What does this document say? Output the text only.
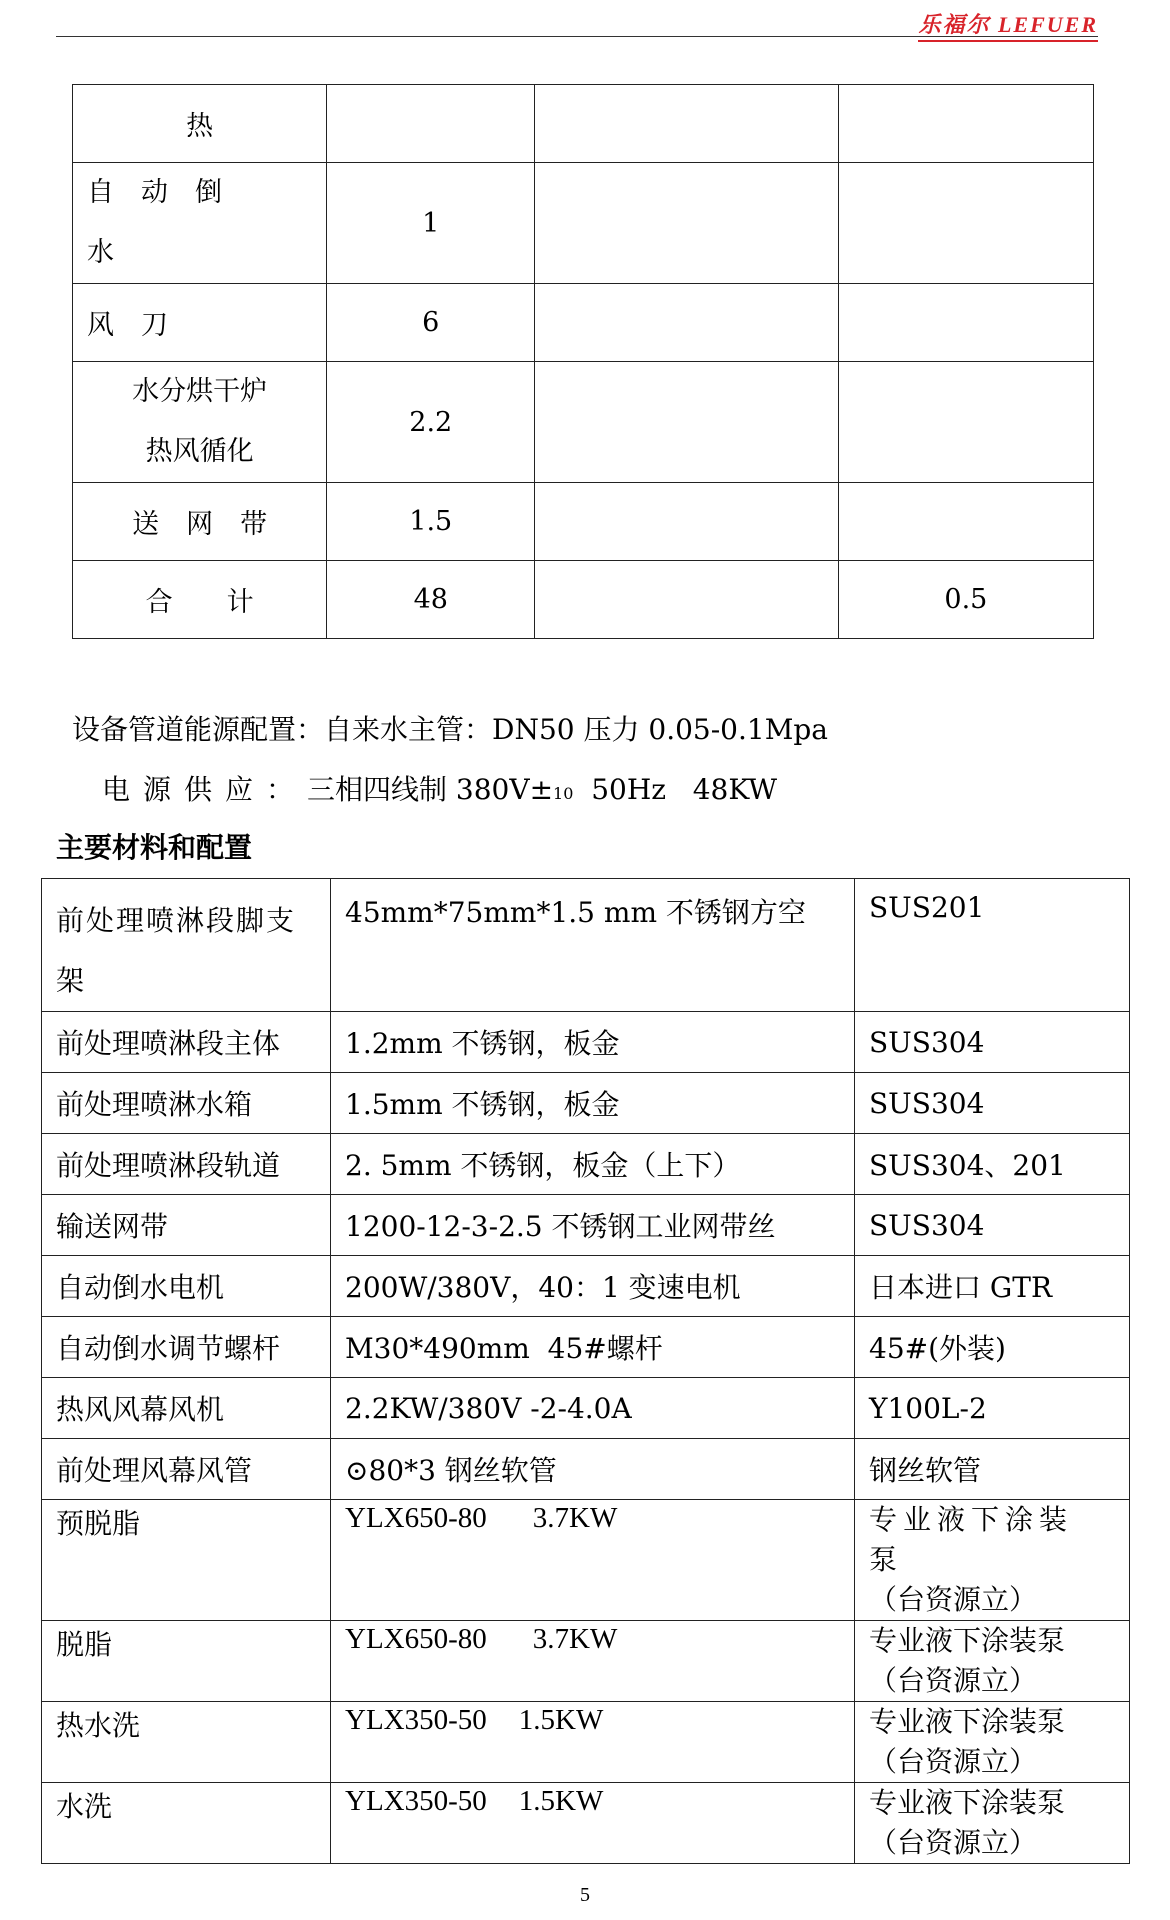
乐福尔 LEFUER
热			

自　动　倒
水	1		
风　刀	6		

水分烘干炉
热风循化	2.2		
送　网　带	1.5		
合　　计	48		0.5
设备管道能源配置：自来水主管：DN50 压力 0.05-0.1Mpa
电源供应：三相四线制 380V±10  50Hz   48KW
主要材料和配置
前处理喷淋段脚支架	45mm*75mm*1.5 mm 不锈钢方空	SUS201
前处理喷淋段主体	1.2mm 不锈钢，板金	SUS304
前处理喷淋水箱	1.5mm 不锈钢，板金	SUS304
前处理喷淋段轨道	2. 5mm 不锈钢，板金（上下）	SUS304、201
输送网带	1200-12-3-2.5 不锈钢工业网带丝	SUS304
自动倒水电机	200W/380V，40：1 变速电机	日本进口 GTR
自动倒水调节螺杆	M30*490mm  45#螺杆	45#(外装)
热风风幕风机	2.2KW/380V -2-4.0A	Y100L-2
前处理风幕风管	⊙80*3 钢丝软管	钢丝软管
预脱脂	YLX650-80 3.7KW	专业液下涂装泵
（台资源立）

脱脂	YLX650-80 3.7KW	专业液下涂装泵
（台资源立）

热水洗	YLX350-50 1.5KW	专业液下涂装泵
（台资源立）

水洗	YLX350-50 1.5KW	专业液下涂装泵
（台资源立）
5
